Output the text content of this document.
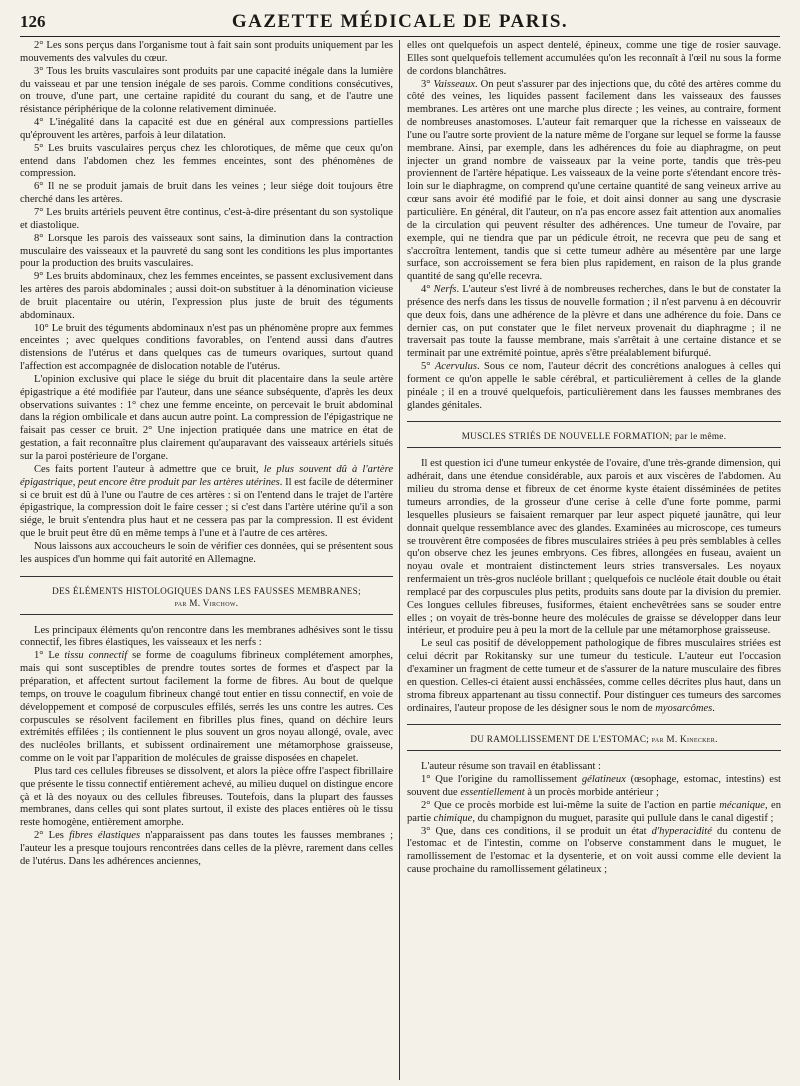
126	GAZETTE MÉDICALE DE PARIS.

2° Les sons perçus dans l'organisme tout à fait sain sont produits uniquement par les mouvements des valvules du cœur.

3° Tous les bruits vasculaires sont produits par une capacité inégale dans la lumière du vaisseau et par une tension inégale de ses parois. Comme conditions consécutives, on trouve, d'une part, une certaine rapidité du courant du sang, et de l'autre une résistance périphérique de la colonne relativement diminuée.

4° L'inégalité dans la capacité est due en général aux compressions partielles qu'éprouvent les artères, parfois à leur dilatation.

5° Les bruits vasculaires perçus chez les chlorotiques, de même que ceux qu'on entend dans l'abdomen chez les femmes enceintes, sont des phénomènes de compression.

6° Il ne se produit jamais de bruit dans les veines ; leur siége doit toujours être cherché dans les artères.

7° Les bruits artériels peuvent être continus, c'est-à-dire présentant du son systolique et diastolique.

8° Lorsque les parois des vaisseaux sont sains, la diminution dans la contraction musculaire des vaisseaux et la pauvreté du sang sont les conditions les plus importantes pour la production des bruits vasculaires.

9° Les bruits abdominaux, chez les femmes enceintes, se passent exclusivement dans les artères des parois abdominales ; aussi doit-on substituer à la dénomination vicieuse de bruit placentaire ou utérin, l'expression plus juste de bruit des téguments abdominaux.

10° Le bruit des téguments abdominaux n'est pas un phénomène propre aux femmes enceintes ; avec quelques conditions favorables, on l'entend aussi dans d'autres distensions de l'utérus et dans quelques cas de tumeurs ovariques, surtout quand l'affection est accompagnée de dislocation notable de l'utérus.

L'opinion exclusive qui place le siége du bruit dit placentaire dans la seule artère épigastrique a été modifiée par l'auteur, dans une séance subséquente, d'après les deux observations suivantes : 1° chez une femme enceinte, on percevait le bruit abdominal dans la région ombilicale et dans aucun autre point. La compression de l'épigastrique ne faisait pas cesser ce bruit. 2° Une injection pratiquée dans une matrice en état de gestation, a fait reconnaître plus clairement qu'auparavant des vaisseaux artériels situés sur la paroi postérieure de l'organe.

Ces faits portent l'auteur à admettre que ce bruit, le plus souvent dû à l'artère épigastrique, peut encore être produit par les artères utérines. Il est facile de déterminer si ce bruit est dû à l'une ou l'autre de ces artères : si on l'entend dans le trajet de l'artère épigastrique, la compression doit le faire cesser ; si c'est dans l'artère utérine qu'il a son siége, le bruit s'entendra plus haut et ne cessera pas par la compression. Il est évident que le bruit peut être dû en même temps à l'une et à l'autre de ces artères.

Nous laissons aux accoucheurs le soin de vérifier ces données, qui se présentent sous les auspices d'un homme qui fait autorité en Allemagne.

DES ÉLÉMENTS HISTOLOGIQUES DANS LES FAUSSES MEMBRANES;
par M. Virchow.

Les principaux éléments qu'on rencontre dans les membranes adhésives sont le tissu connectif, les fibres élastiques, les vaisseaux et les nerfs :

1° Le tissu connectif se forme de coagulums fibrineux complétement amorphes, mais qui sont susceptibles de prendre toutes sortes de formes et d'aspect par la préparation, et affectent surtout facilement la forme de fibres. Au bout de quelque temps, on trouve le coagulum fibrineux changé tout entier en tissu connectif, en voie de développement et composé de corpuscules effilés, serrés les uns contre les autres. Ces corpuscules se résolvent facilement en fibrilles plus fines, quand on déchire leurs extrémités effilées ; ils contiennent le plus souvent un gros noyau allongé, ovale, avec des nucléoles brillants, et subissent ordinairement une métamorphose graisseuse, comme on le voit par l'apparition de molécules de graisse disposées en chapelet.

Plus tard ces cellules fibreuses se dissolvent, et alors la pièce offre l'aspect fibrillaire que présente le tissu connectif entièrement achevé, au milieu duquel on distingue encore çà et là des noyaux ou des cellules fibreuses. Toutefois, dans la plupart des fausses membranes, dans celles qui sont plates surtout, il existe des places entières où le tissu reste homogène, entièrement amorphe.

2° Les fibres élastiques n'apparaissent pas dans toutes les fausses membranes ; l'auteur les a presque toujours rencontrées dans celles de la plèvre, rarement dans celles de l'utérus. Dans les adhérences anciennes,

elles ont quelquefois un aspect dentelé, épineux, comme une tige de rosier sauvage. Elles sont quelquefois tellement accumulées qu'on les reconnaît à l'œil nu sous la forme de cordons blanchâtres.

3° Vaisseaux. On peut s'assurer par des injections que, du côté des artères comme du côté des veines, les liquides passent facilement dans les vaisseaux des fausses membranes. Les artères ont une marche plus directe ; les veines, au contraire, forment de nombreuses anastomoses. L'auteur fait remarquer que la richesse en vaisseaux de l'une ou l'autre sorte provient de la nature même de l'organe sur lequel se forme la fausse membrane. Ainsi, par exemple, dans les adhérences du foie au diaphragme, on peut injecter un grand nombre de vaisseaux par la veine porte, tandis que très-peu proviennent de l'artère hépatique. Les vaisseaux de la veine porte s'étendant encore très-loin sur le diaphragme, on comprend qu'une certaine quantité de sang veineux arrive au cœur sans avoir été modifié par le foie, et doit ainsi donner au sang une dyscrasie particulière. En général, dit l'auteur, on n'a pas encore assez fait attention aux anomalies de la circulation qui peuvent résulter des adhérences. Une tumeur de l'ovaire, par exemple, qui ne tiendra que par un pédicule étroit, ne recevra que peu de sang et s'accroîtra lentement, tandis que si cette tumeur adhère au mésentère par une large surface, son accroissement se fera bien plus rapidement, en raison de la plus grande quantité de sang qu'elle recevra.

4° Nerfs. L'auteur s'est livré à de nombreuses recherches, dans le but de constater la présence des nerfs dans les tissus de nouvelle formation ; il n'est parvenu à en découvrir que deux fois, dans une adhérence de la plèvre et dans une adhérence du foie. Dans ce dernier cas, on put constater que le filet nerveux provenait du diaphragme ; il ne traversait pas toute la fausse membrane, mais s'arrêtait à une certaine distance et se terminait par une extrémité pointue, après s'être préalablement bifurqué.

5° Acervulus. Sous ce nom, l'auteur décrit des concrétions analogues à celles qui forment ce qu'on appelle le sable cérébral, et particulièrement à celles de la glande pinéale ; il en a trouvé quelquefois, particulièrement dans les fausses membranes des glandes génitales.

MUSCLES STRIÉS DE NOUVELLE FORMATION; par le même.

Il est question ici d'une tumeur enkystée de l'ovaire, d'une très-grande dimension, qui adhérait, dans une étendue considérable, aux parois et aux viscères de l'abdomen. Au milieu du stroma dense et fibreux de cet énorme kyste étaient disséminées de petites tumeurs arrondies, de la grosseur d'une cerise à celle d'une forte pomme, parmi lesquelles plusieurs se faisaient remarquer par leur aspect piqueté jaunâtre, qui leur donnait quelque ressemblance avec des glandes. Examinées au microscope, ces tumeurs se trouvèrent être composées de fibres musculaires striées à peu près semblables à celles qu'on observe chez les jeunes embryons. Ces fibres, allongées en fuseau, avaient un noyau ovale et montraient distinctement leurs stries transversales. Les noyaux renfermaient un très-gros nucléole brillant ; quelquefois ce nucléole était double ou était remplacé par des corpuscules plus petits, produits sans doute par la division du premier. Ces longues cellules fibreuses, fusiformes, étaient enchevêtrées sans se souder entre elles ; on voyait de très-bonne heure des molécules de graisse se développer dans leur intérieur, et produire peu à peu la mort de la cellule par une métamorphose graisseuse.

Le seul cas positif de développement pathologique de fibres musculaires striées est celui décrit par Rokitansky sur une tumeur du testicule. L'auteur eut l'occasion d'examiner un fragment de cette tumeur et de s'assurer de la nature musculaire des fibres en question. Celles-ci étaient aussi enchâssées, comme celles décrites plus haut, dans un stroma fibreux appartenant au tissu connectif. Pour distinguer ces tumeurs des sarcomes ordinaires, l'auteur propose de les désigner sous le nom de myosarcômes.

DU RAMOLLISSEMENT DE L'ESTOMAC; par M. Kinecker.

L'auteur résume son travail en établissant :

1° Que l'origine du ramollissement gélatineux (œsophage, estomac, intestins) est souvent due essentiellement à un procès morbide antérieur ;

2° Que ce procès morbide est lui-même la suite de l'action en partie mécanique, en partie chimique, du champignon du muguet, parasite qui pullule dans le canal digestif ;

3° Que, dans ces conditions, il se produit un état d'hyperacidité du contenu de l'estomac et de l'intestin, comme on l'observe constamment dans le muguet, le ramollissement de l'estomac et la dysenterie, et on voit aussi comme elle devient la cause prochaine du ramollissement gélatineux ;
